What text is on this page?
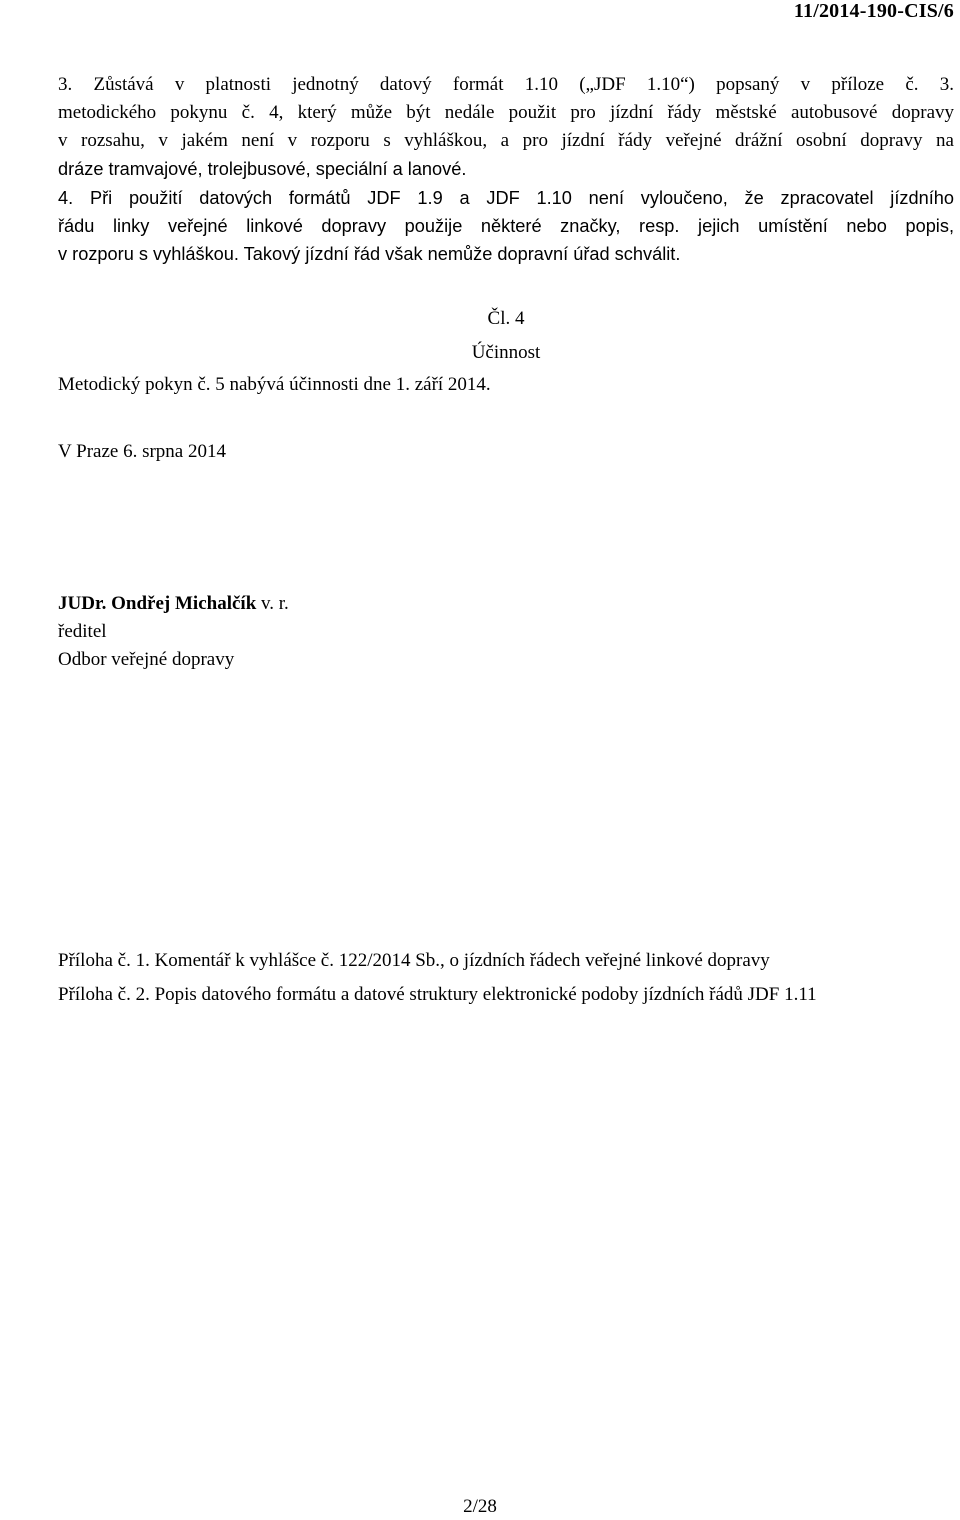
11/2014-190-CIS/6
3. Zůstává v platnosti jednotný datový formát 1.10 („JDF 1.10“) popsaný v příloze č. 3.
metodického pokynu č. 4, který může být nedále použit pro jízdní řády městské autobusové dopravy
v rozsahu, v jakém není v rozporu s vyhláškou, a pro jízdní řády veřejné drážní osobní dopravy na
dráze tramvajové, trolejbusové, speciální a lanové.
4. Při použití datových formátů JDF 1.9 a JDF 1.10 není vyloučeno, že zpracovatel jízdního
řádu linky veřejné linkové dopravy použije některé značky, resp. jejich umístění nebo popis,
v rozporu s vyhláškou. Takový jízdní řád však nemůže dopravní úřad schválit.
Čl. 4
Účinnost
Metodický pokyn č. 5 nabývá účinnosti dne 1. září 2014.
V Praze 6. srpna 2014
JUDr. Ondřej Michalčík v. r.
ředitel
Odbor veřejné dopravy
Příloha č. 1. Komentář k vyhlášce č. 122/2014 Sb., o jízdních řádech veřejné linkové dopravy
Příloha č. 2. Popis datového formátu a datové struktury elektronické podoby jízdních řádů JDF 1.11
2/28
